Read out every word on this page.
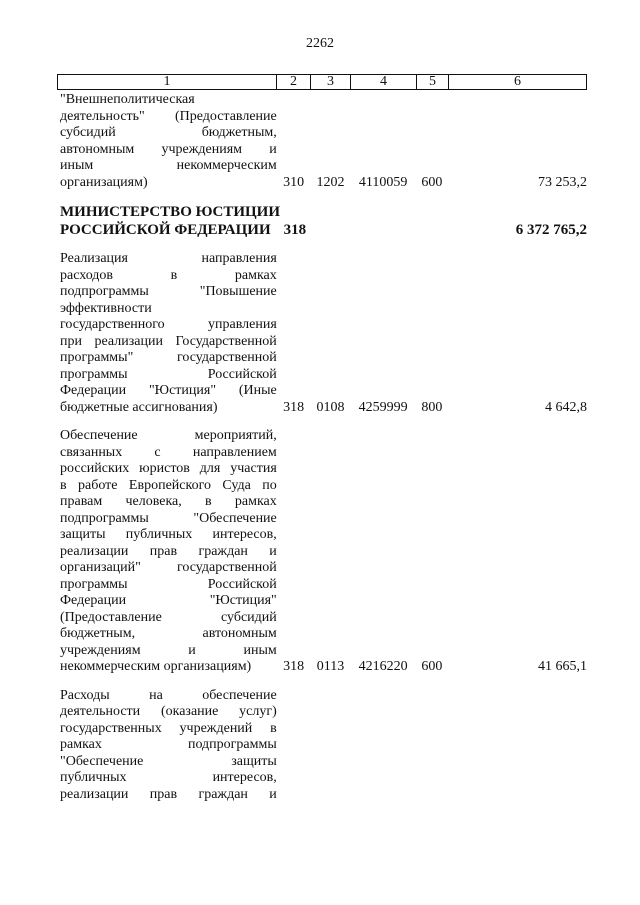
2262
1	2	3	4	5	6
"Внешнеполитическая
деятельность" (Предоставление
субсидий бюджетным,
автономным учреждениям и
иным некоммерческим
организациям)	310 1202	4110059 600	73 253,2
МИНИСТЕРСТВО ЮСТИЦИИ
РОССИЙСКОЙ ФЕДЕРАЦИИ 318	6 372 765,2
Реализация направления
расходов в рамках
подпрограммы "Повышение
эффективности
государственного управления
при реализации Государственной
программы" государственной
программы Российской
Федерации "Юстиция" (Иные
бюджетные ассигнования)	318 0108	4259999 800	4 642,8
Обеспечение мероприятий,
связанных с направлением
российских юристов для участия
в работе Европейского Суда по
правам человека, в рамках
подпрограммы "Обеспечение
защиты публичных интересов,
реализации прав граждан и
организаций" государственной
программы Российской
Федерации "Юстиция"
(Предоставление субсидий
бюджетным, автономным
учреждениям и иным
некоммерческим организациям)	318 0113	4216220 600	41 665,1
Расходы на обеспечение
деятельности (оказание услуг)
государственных учреждений в
рамках подпрограммы
"Обеспечение защиты
публичных интересов,
реализации прав граждан и
